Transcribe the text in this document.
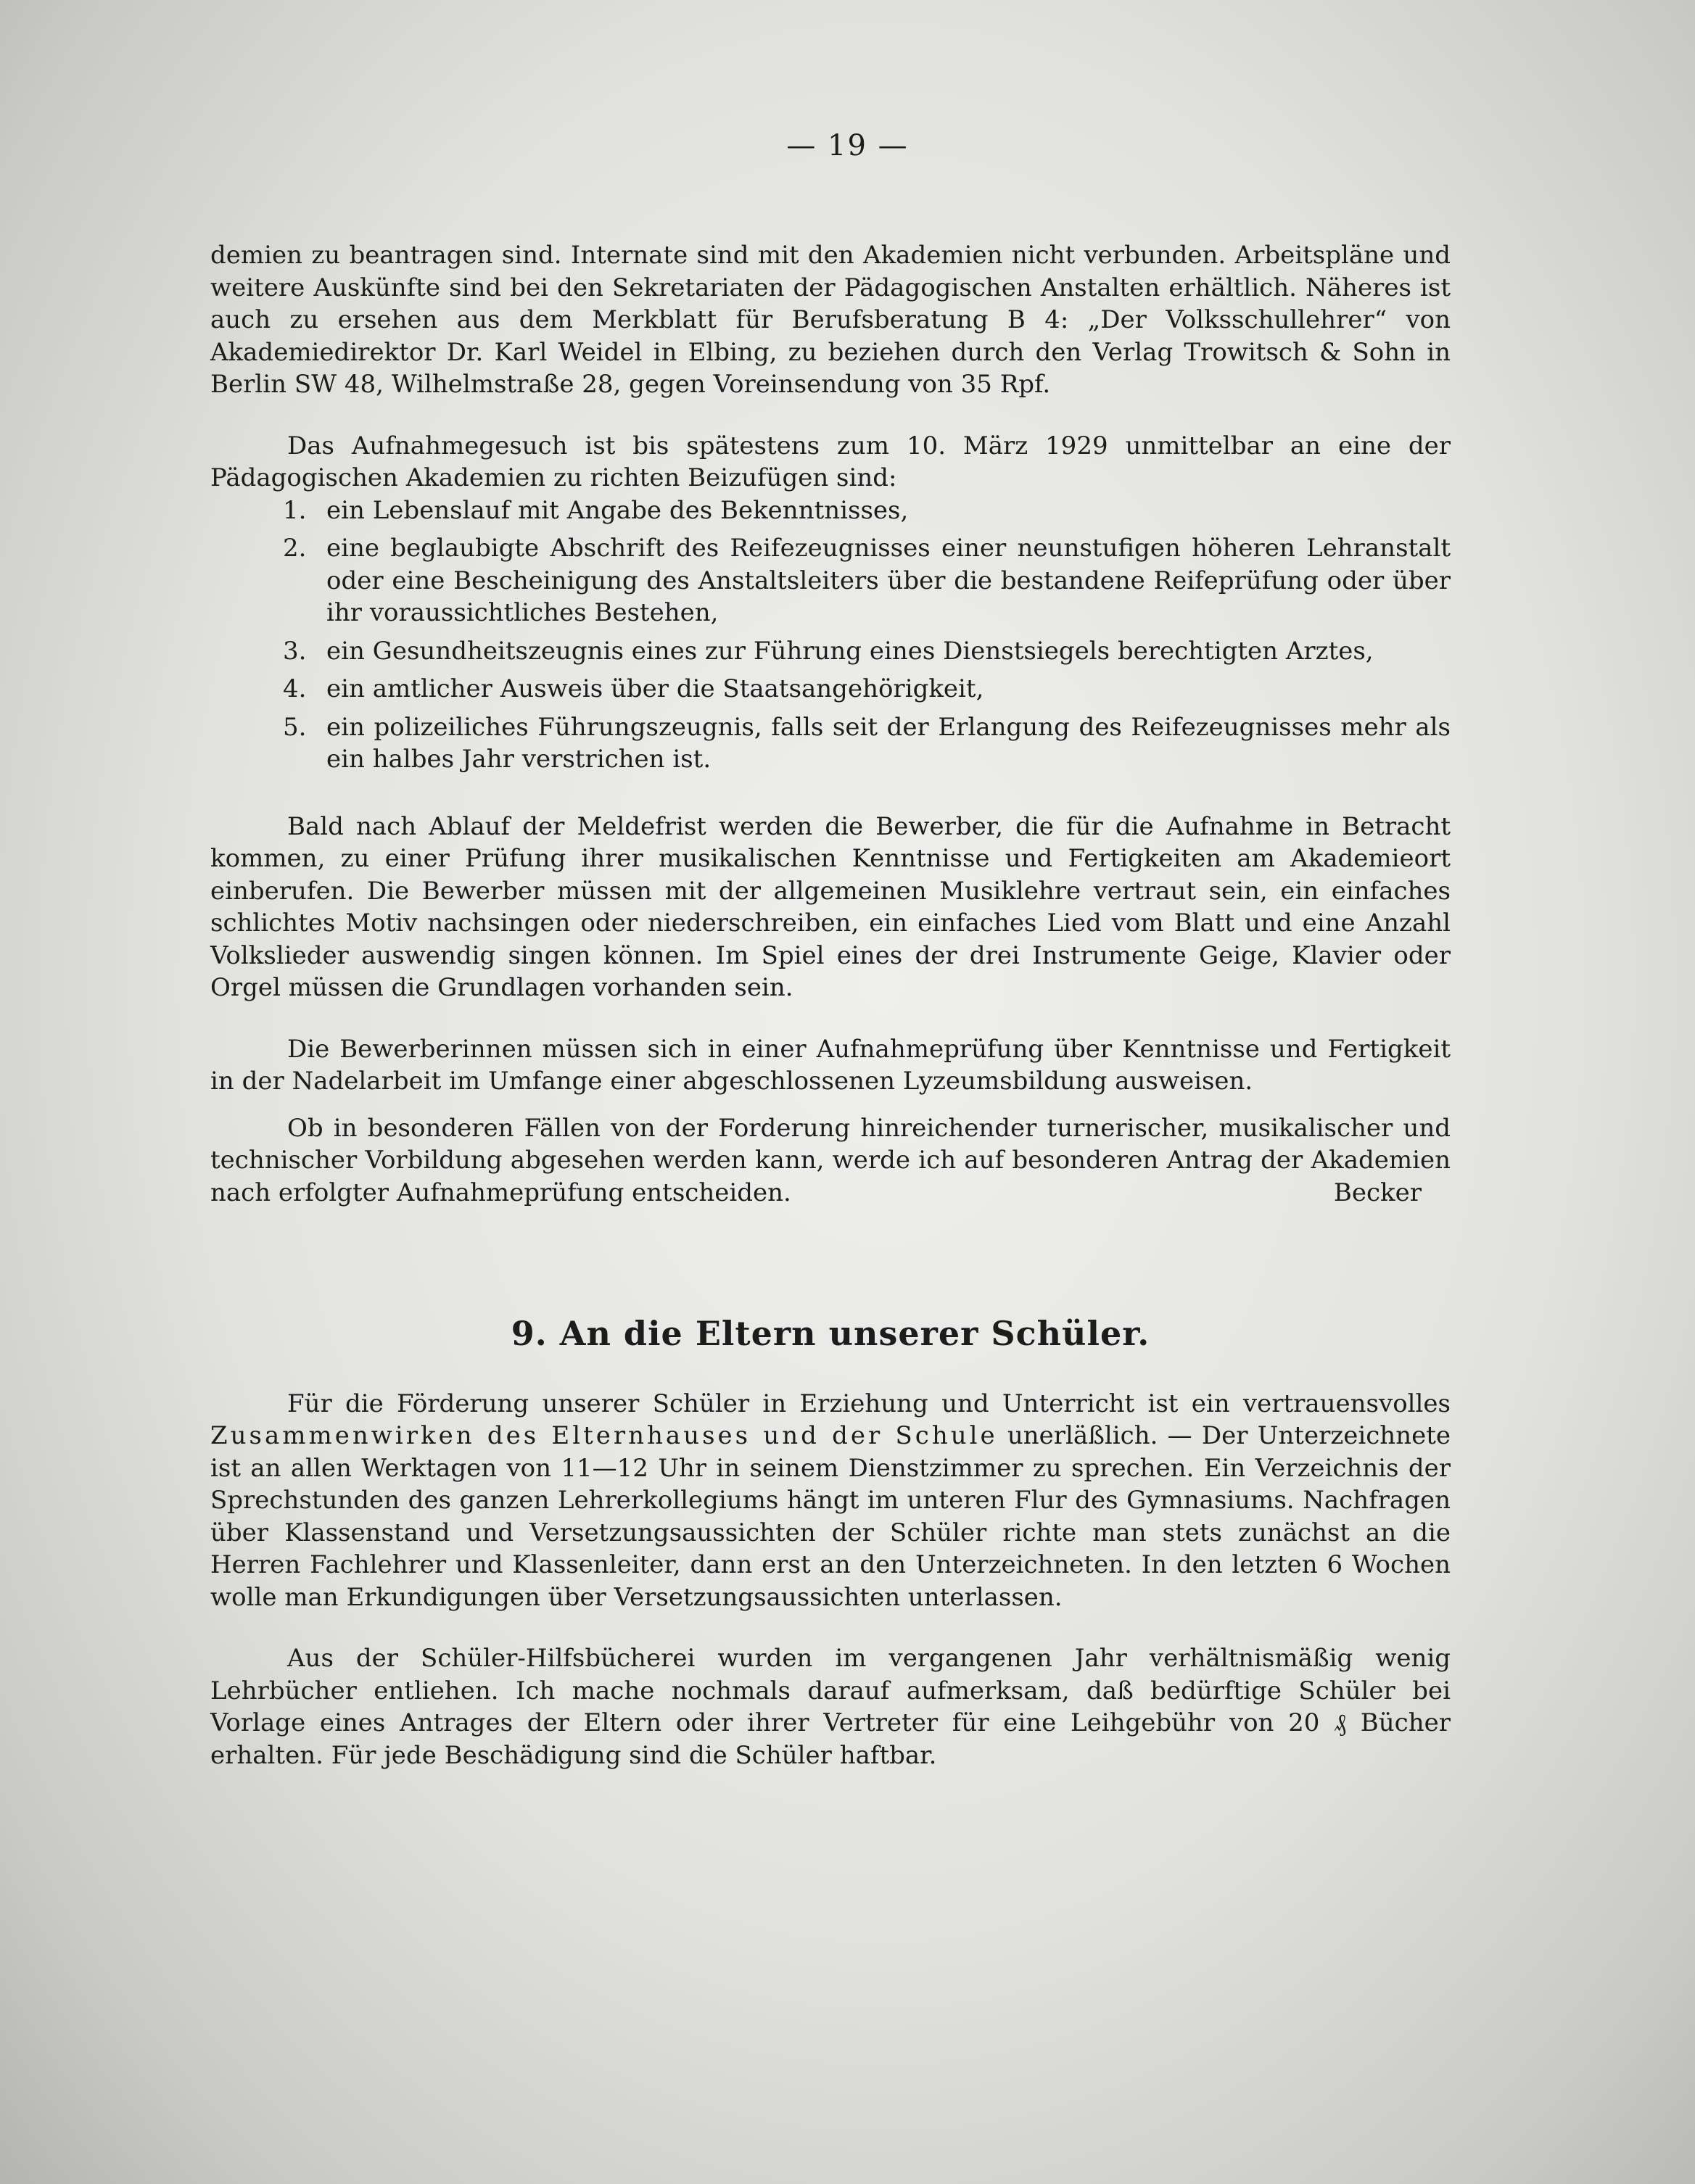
— 19 —

demien zu beantragen sind. Internate sind mit den Akademien nicht verbunden. Arbeitspläne und weitere Auskünfte sind bei den Sekretariaten der Pädagogischen Anstalten erhältlich. Näheres ist auch zu ersehen aus dem Merkblatt für Berufsberatung B 4: „Der Volksschullehrer“ von Akademiedirektor Dr. Karl Weidel in Elbing, zu beziehen durch den Verlag Trowitsch & Sohn in Berlin SW 48, Wilhelmstraße 28, gegen Voreinsendung von 35 Rpf.

Das Aufnahmegesuch ist bis spätestens zum 10. März 1929 unmittelbar an eine der Pädagogischen Akademien zu richten Beizufügen sind:

1. ein Lebenslauf mit Angabe des Bekenntnisses,
2. eine beglaubigte Abschrift des Reifezeugnisses einer neunstufigen höheren Lehranstalt oder eine Bescheinigung des Anstaltsleiters über die bestandene Reifeprüfung oder über ihr voraussichtliches Bestehen,
3. ein Gesundheitszeugnis eines zur Führung eines Dienstsiegels berechtigten Arztes,
4. ein amtlicher Ausweis über die Staatsangehörigkeit,
5. ein polizeiliches Führungszeugnis, falls seit der Erlangung des Reifezeugnisses mehr als ein halbes Jahr verstrichen ist.

Bald nach Ablauf der Meldefrist werden die Bewerber, die für die Aufnahme in Betracht kommen, zu einer Prüfung ihrer musikalischen Kenntnisse und Fertigkeiten am Akademieort einberufen. Die Bewerber müssen mit der allgemeinen Musiklehre vertraut sein, ein einfaches schlichtes Motiv nachsingen oder niederschreiben, ein einfaches Lied vom Blatt und eine Anzahl Volkslieder auswendig singen können. Im Spiel eines der drei Instrumente Geige, Klavier oder Orgel müssen die Grundlagen vorhanden sein.

Die Bewerberinnen müssen sich in einer Aufnahmeprüfung über Kenntnisse und Fertigkeit in der Nadelarbeit im Umfange einer abgeschlossenen Lyzeumsbildung ausweisen.

Ob in besonderen Fällen von der Forderung hinreichender turnerischer, musikalischer und technischer Vorbildung abgesehen werden kann, werde ich auf besonderen Antrag der Akademien nach erfolgter Aufnahmeprüfung entscheiden.	Becker

9. An die Eltern unserer Schüler.

Für die Förderung unserer Schüler in Erziehung und Unterricht ist ein vertrauensvolles Zusammenwirken des Elternhauses und der Schule unerläßlich. — Der Unterzeichnete ist an allen Werktagen von 11—12 Uhr in seinem Dienstzimmer zu sprechen. Ein Verzeichnis der Sprechstunden des ganzen Lehrerkollegiums hängt im unteren Flur des Gymnasiums. Nachfragen über Klassenstand und Versetzungsaussichten der Schüler richte man stets zunächst an die Herren Fachlehrer und Klassenleiter, dann erst an den Unterzeichneten. In den letzten 6 Wochen wolle man Erkundigungen über Versetzungsaussichten unterlassen.

Aus der Schüler-Hilfsbücherei wurden im vergangenen Jahr verhältnismäßig wenig Lehrbücher entliehen. Ich mache nochmals darauf aufmerksam, daß bedürftige Schüler bei Vorlage eines Antrages der Eltern oder ihrer Vertreter für eine Leihgebühr von 20 ₰ Bücher erhalten. Für jede Beschädigung sind die Schüler haftbar.
